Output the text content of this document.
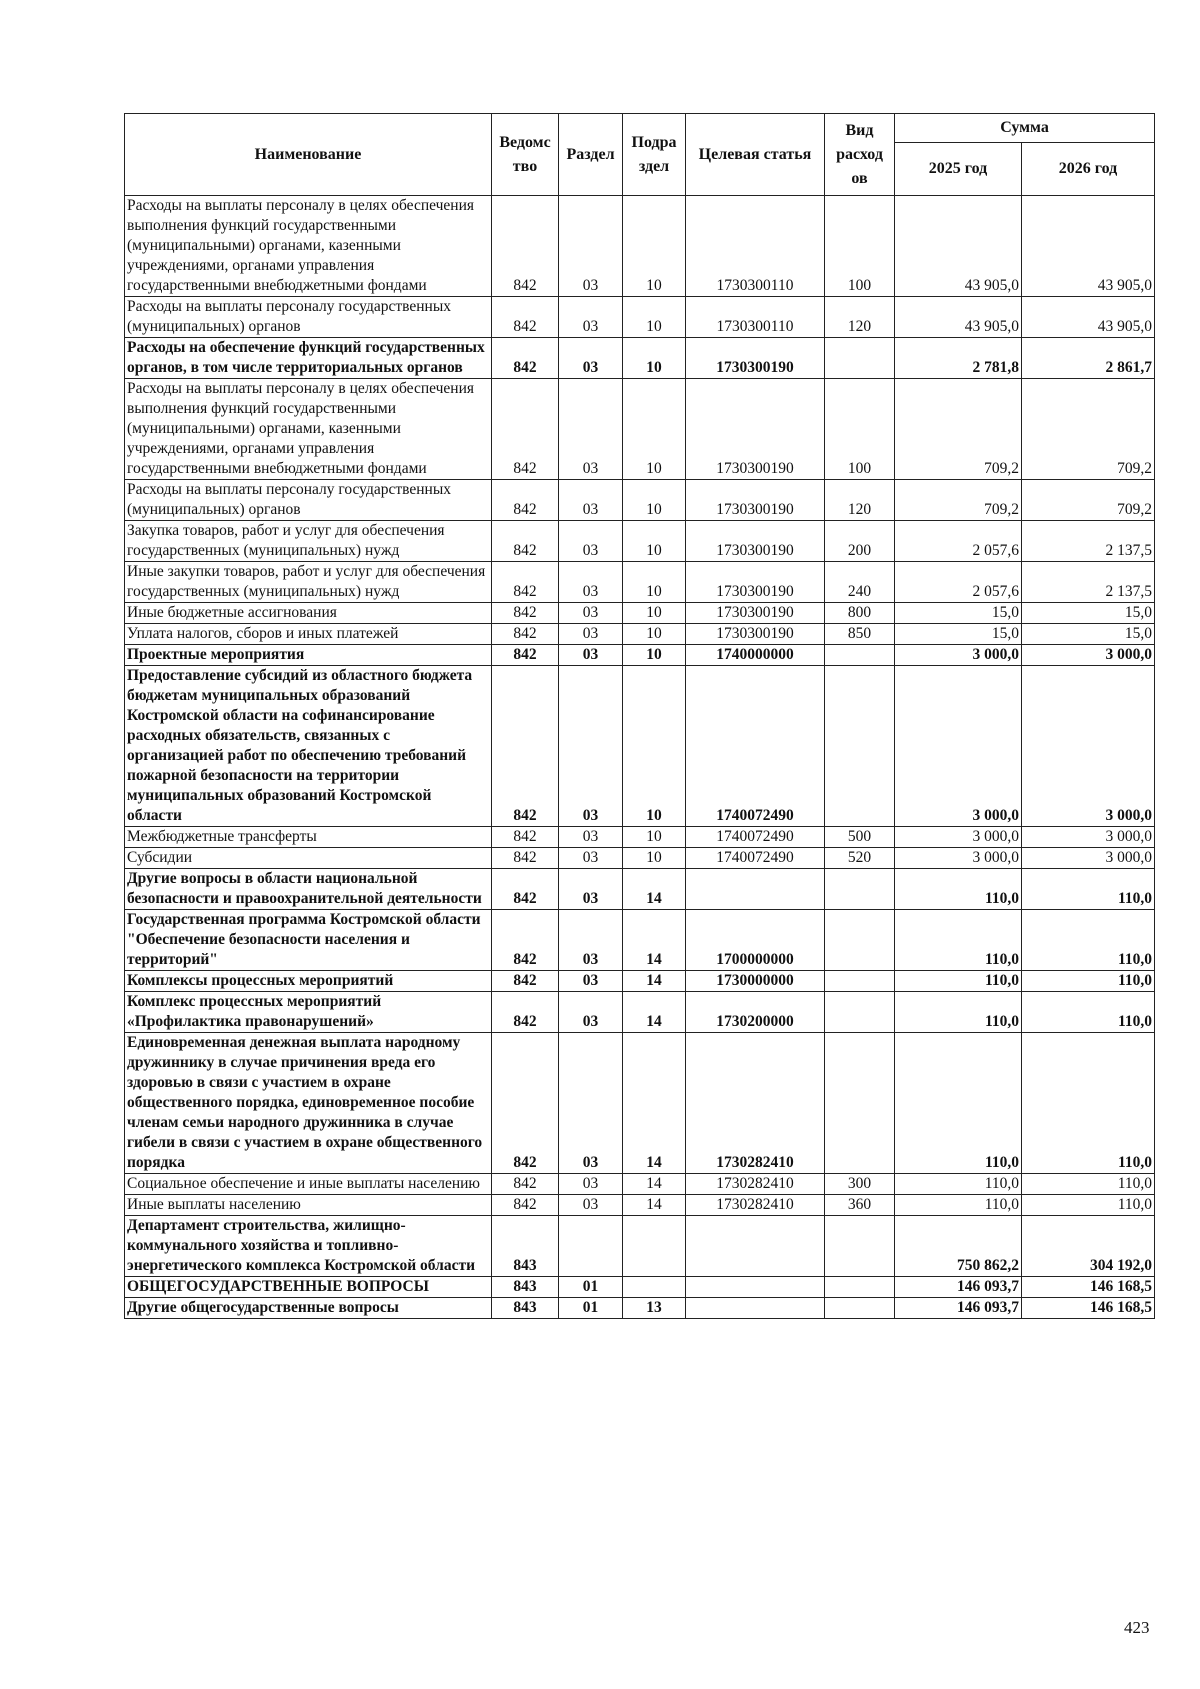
Наименование	Ведомс тво	Раздел	Подра здел	Целевая статья	Вид расход ов	Сумма	
						2025 год	2026 год
Расходы на выплаты персоналу в целях обеспечения выполнения функций государственными (муниципальными) органами, казенными учреждениями, органами управления государственными внебюджетными фондами	842	03	10	1730300110	100	43 905,0	43 905,0
Расходы на выплаты персоналу государственных (муниципальных) органов	842	03	10	1730300110	120	43 905,0	43 905,0
Расходы на обеспечение функций государственных органов, в том числе территориальных органов	842	03	10	1730300190		2 781,8	2 861,7
Расходы на выплаты персоналу в целях обеспечения выполнения функций государственными (муниципальными) органами, казенными учреждениями, органами управления государственными внебюджетными фондами	842	03	10	1730300190	100	709,2	709,2
Расходы на выплаты персоналу государственных (муниципальных) органов	842	03	10	1730300190	120	709,2	709,2
Закупка товаров, работ и услуг для обеспечения государственных (муниципальных) нужд	842	03	10	1730300190	200	2 057,6	2 137,5
Иные закупки товаров, работ и услуг для обеспечения государственных (муниципальных) нужд	842	03	10	1730300190	240	2 057,6	2 137,5
Иные бюджетные ассигнования	842	03	10	1730300190	800	15,0	15,0
Уплата налогов, сборов и иных платежей	842	03	10	1730300190	850	15,0	15,0
Проектные мероприятия	842	03	10	1740000000		3 000,0	3 000,0
Предоставление субсидий из областного бюджета бюджетам муниципальных образований Костромской области на софинансирование расходных обязательств, связанных с организацией работ по обеспечению требований пожарной безопасности на территории муниципальных образований Костромской области	842	03	10	1740072490		3 000,0	3 000,0
Межбюджетные трансферты	842	03	10	1740072490	500	3 000,0	3 000,0
Субсидии	842	03	10	1740072490	520	3 000,0	3 000,0
Другие вопросы в области национальной безопасности и правоохранительной деятельности	842	03	14			110,0	110,0
Государственная программа Костромской области "Обеспечение безопасности населения и территорий"	842	03	14	1700000000		110,0	110,0
Комплексы процессных мероприятий	842	03	14	1730000000		110,0	110,0
Комплекс процессных мероприятий «Профилактика правонарушений»	842	03	14	1730200000		110,0	110,0
Единовременная денежная выплата народному дружиннику в случае причинения вреда его здоровью в связи с участием в охране общественного порядка, единовременное пособие членам семьи народного дружинника в случае гибели в связи с участием в охране общественного порядка	842	03	14	1730282410		110,0	110,0
Социальное обеспечение и иные выплаты населению	842	03	14	1730282410	300	110,0	110,0
Иные выплаты населению	842	03	14	1730282410	360	110,0	110,0
Департамент строительства, жилищно-коммунального хозяйства и топливно-энергетического комплекса Костромской области	843					750 862,2	304 192,0
ОБЩЕГОСУДАРСТВЕННЫЕ ВОПРОСЫ	843	01				146 093,7	146 168,5
Другие общегосударственные вопросы	843	01	13			146 093,7	146 168,5
423
